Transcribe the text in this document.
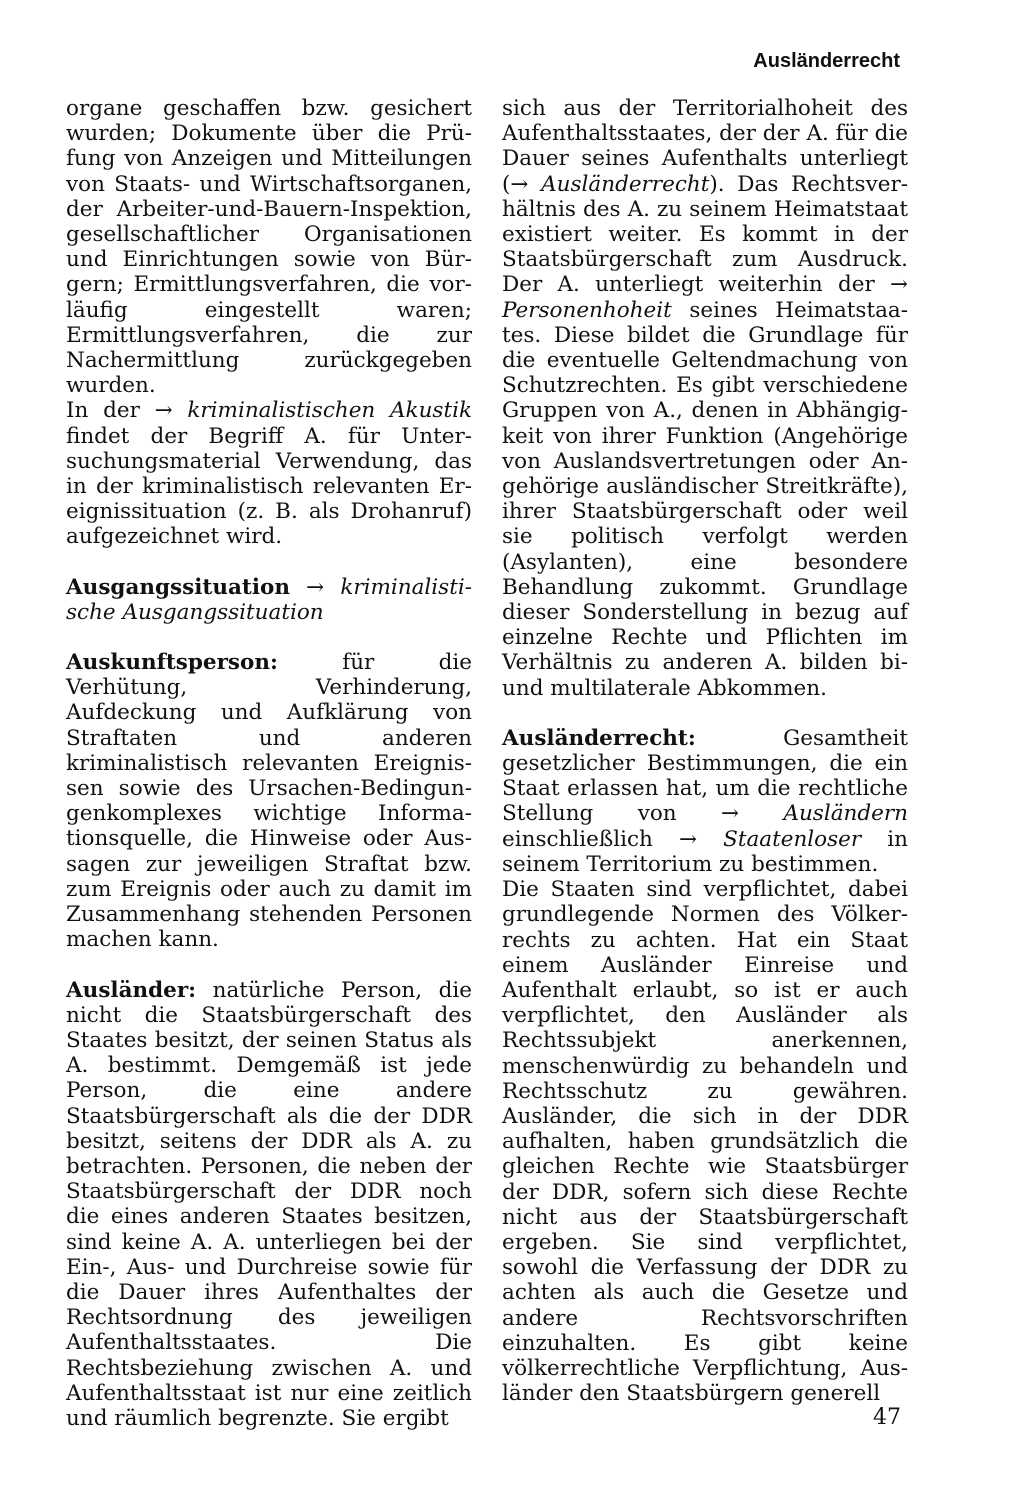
Ausländerrecht

organe geschaffen bzw. gesichert wurden; Dokumente über die Prüfung von Anzeigen und Mitteilungen von Staats- und Wirtschaftsorganen, der Arbeiter-und-Bauern-Inspektion, gesellschaftlicher Organisationen und Einrichtungen sowie von Bürgern; Ermittlungsverfahren, die vorläufig eingestellt waren; Ermittlungsverfahren, die zur Nachermittlung zurückgegeben wurden.

In der → kriminalistischen Akustik findet der Begriff A. für Untersuchungsmaterial Verwendung, das in der kriminalistisch relevanten Ereignissituation (z. B. als Drohanruf) aufgezeichnet wird.

Ausgangssituation → kriminalistische Ausgangssituation

Auskunftsperson: für die Verhütung, Verhinderung, Aufdeckung und Aufklärung von Straftaten und anderen kriminalistisch relevanten Ereignissen sowie des Ursachen-Bedingungenkomplexes wichtige Informationsquelle, die Hinweise oder Aussagen zur jeweiligen Straftat bzw. zum Ereignis oder auch zu damit im Zusammenhang stehenden Personen machen kann.

Ausländer: natürliche Person, die nicht die Staatsbürgerschaft des Staates besitzt, der seinen Status als A. bestimmt. Demgemäß ist jede Person, die eine andere Staatsbürgerschaft als die der DDR besitzt, seitens der DDR als A. zu betrachten. Personen, die neben der Staatsbürgerschaft der DDR noch die eines anderen Staates besitzen, sind keine A. A. unterliegen bei der Ein-, Aus- und Durchreise sowie für die Dauer ihres Aufenthaltes der Rechtsordnung des jeweiligen Aufenthaltsstaates. Die Rechtsbeziehung zwischen A. und Aufenthaltsstaat ist nur eine zeitlich und räumlich begrenzte. Sie ergibt

sich aus der Territorialhoheit des Aufenthaltsstaates, der der A. für die Dauer seines Aufenthalts unterliegt (→ Ausländerrecht). Das Rechtsverhältnis des A. zu seinem Heimatstaat existiert weiter. Es kommt in der Staatsbürgerschaft zum Ausdruck. Der A. unterliegt weiterhin der → Personenhoheit seines Heimatstaates. Diese bildet die Grundlage für die eventuelle Geltendmachung von Schutzrechten. Es gibt verschiedene Gruppen von A., denen in Abhängigkeit von ihrer Funktion (Angehörige von Auslandsvertretungen oder Angehörige ausländischer Streitkräfte), ihrer Staatsbürgerschaft oder weil sie politisch verfolgt werden (Asylanten), eine besondere Behandlung zukommt. Grundlage dieser Sonderstellung in bezug auf einzelne Rechte und Pflichten im Verhältnis zu anderen A. bilden bi- und multilaterale Abkommen.

Ausländerrecht: Gesamtheit gesetzlicher Bestimmungen, die ein Staat erlassen hat, um die rechtliche Stellung von → Ausländern einschließlich → Staatenloser in seinem Territorium zu bestimmen.

Die Staaten sind verpflichtet, dabei grundlegende Normen des Völkerrechts zu achten. Hat ein Staat einem Ausländer Einreise und Aufenthalt erlaubt, so ist er auch verpflichtet, den Ausländer als Rechtssubjekt anerkennen, menschenwürdig zu behandeln und Rechtsschutz zu gewähren. Ausländer, die sich in der DDR aufhalten, haben grundsätzlich die gleichen Rechte wie Staatsbürger der DDR, sofern sich diese Rechte nicht aus der Staatsbürgerschaft ergeben. Sie sind verpflichtet, sowohl die Verfassung der DDR zu achten als auch die Gesetze und andere Rechtsvorschriften einzuhalten. Es gibt keine völkerrechtliche Verpflichtung, Ausländer den Staatsbürgern generell

47
